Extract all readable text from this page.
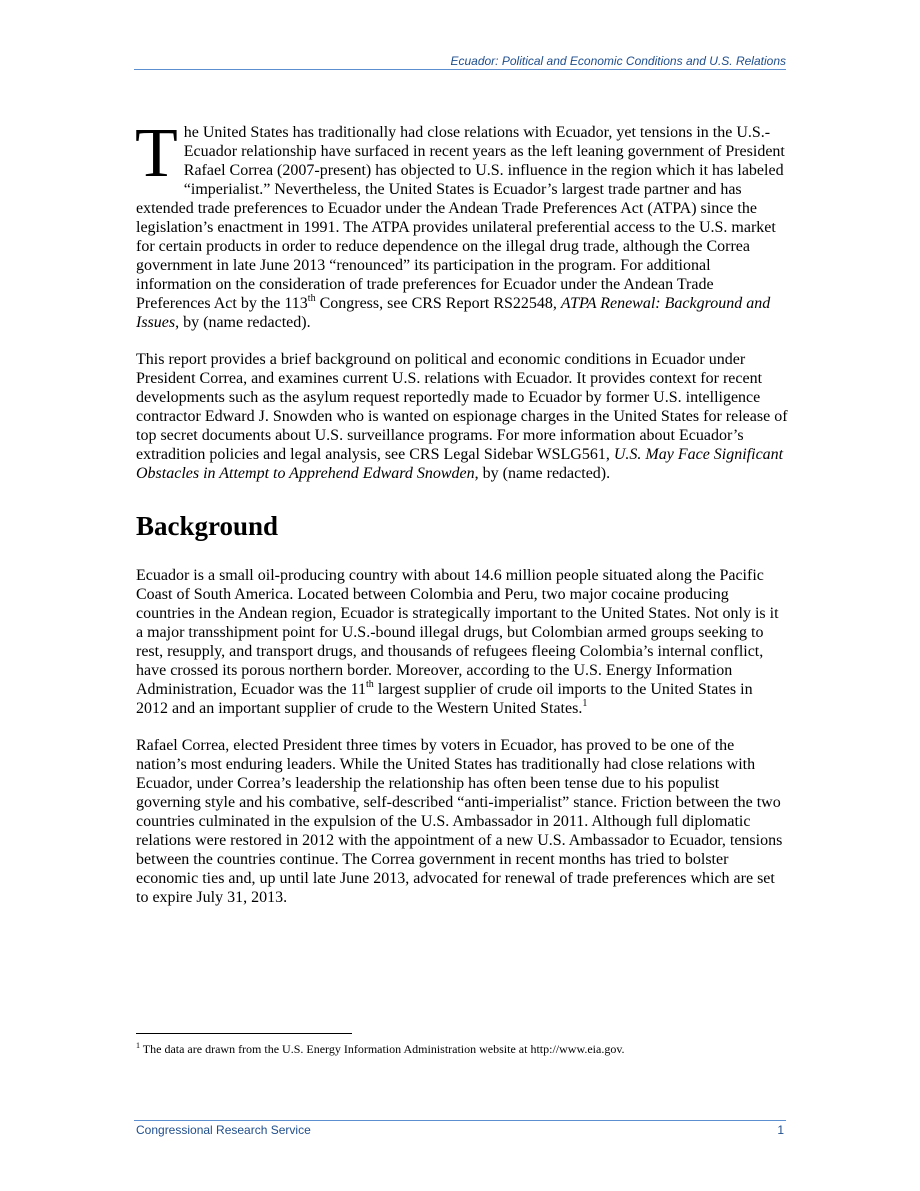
Ecuador: Political and Economic Conditions and U.S. Relations
The United States has traditionally had close relations with Ecuador, yet tensions in the U.S.-Ecuador relationship have surfaced in recent years as the left leaning government of President Rafael Correa (2007-present) has objected to U.S. influence in the region which it has labeled “imperialist.” Nevertheless, the United States is Ecuador’s largest trade partner and has extended trade preferences to Ecuador under the Andean Trade Preferences Act (ATPA) since the legislation’s enactment in 1991. The ATPA provides unilateral preferential access to the U.S. market for certain products in order to reduce dependence on the illegal drug trade, although the Correa government in late June 2013 “renounced” its participation in the program. For additional information on the consideration of trade preferences for Ecuador under the Andean Trade Preferences Act by the 113th Congress, see CRS Report RS22548, ATPA Renewal: Background and Issues, by (name redacted).
This report provides a brief background on political and economic conditions in Ecuador under President Correa, and examines current U.S. relations with Ecuador. It provides context for recent developments such as the asylum request reportedly made to Ecuador by former U.S. intelligence contractor Edward J. Snowden who is wanted on espionage charges in the United States for release of top secret documents about U.S. surveillance programs. For more information about Ecuador’s extradition policies and legal analysis, see CRS Legal Sidebar WSLG561, U.S. May Face Significant Obstacles in Attempt to Apprehend Edward Snowden, by (name redacted).
Background
Ecuador is a small oil-producing country with about 14.6 million people situated along the Pacific Coast of South America. Located between Colombia and Peru, two major cocaine producing countries in the Andean region, Ecuador is strategically important to the United States. Not only is it a major transshipment point for U.S.-bound illegal drugs, but Colombian armed groups seeking to rest, resupply, and transport drugs, and thousands of refugees fleeing Colombia’s internal conflict, have crossed its porous northern border. Moreover, according to the U.S. Energy Information Administration, Ecuador was the 11th largest supplier of crude oil imports to the United States in 2012 and an important supplier of crude to the Western United States.$^1$
Rafael Correa, elected President three times by voters in Ecuador, has proved to be one of the nation’s most enduring leaders. While the United States has traditionally had close relations with Ecuador, under Correa’s leadership the relationship has often been tense due to his populist governing style and his combative, self-described “anti-imperialist” stance. Friction between the two countries culminated in the expulsion of the U.S. Ambassador in 2011. Although full diplomatic relations were restored in 2012 with the appointment of a new U.S. Ambassador to Ecuador, tensions between the countries continue. The Correa government in recent months has tried to bolster economic ties and, up until late June 2013, advocated for renewal of trade preferences which are set to expire July 31, 2013.
$^1$ The data are drawn from the U.S. Energy Information Administration website at http://www.eia.gov.
Congressional Research Service	1
